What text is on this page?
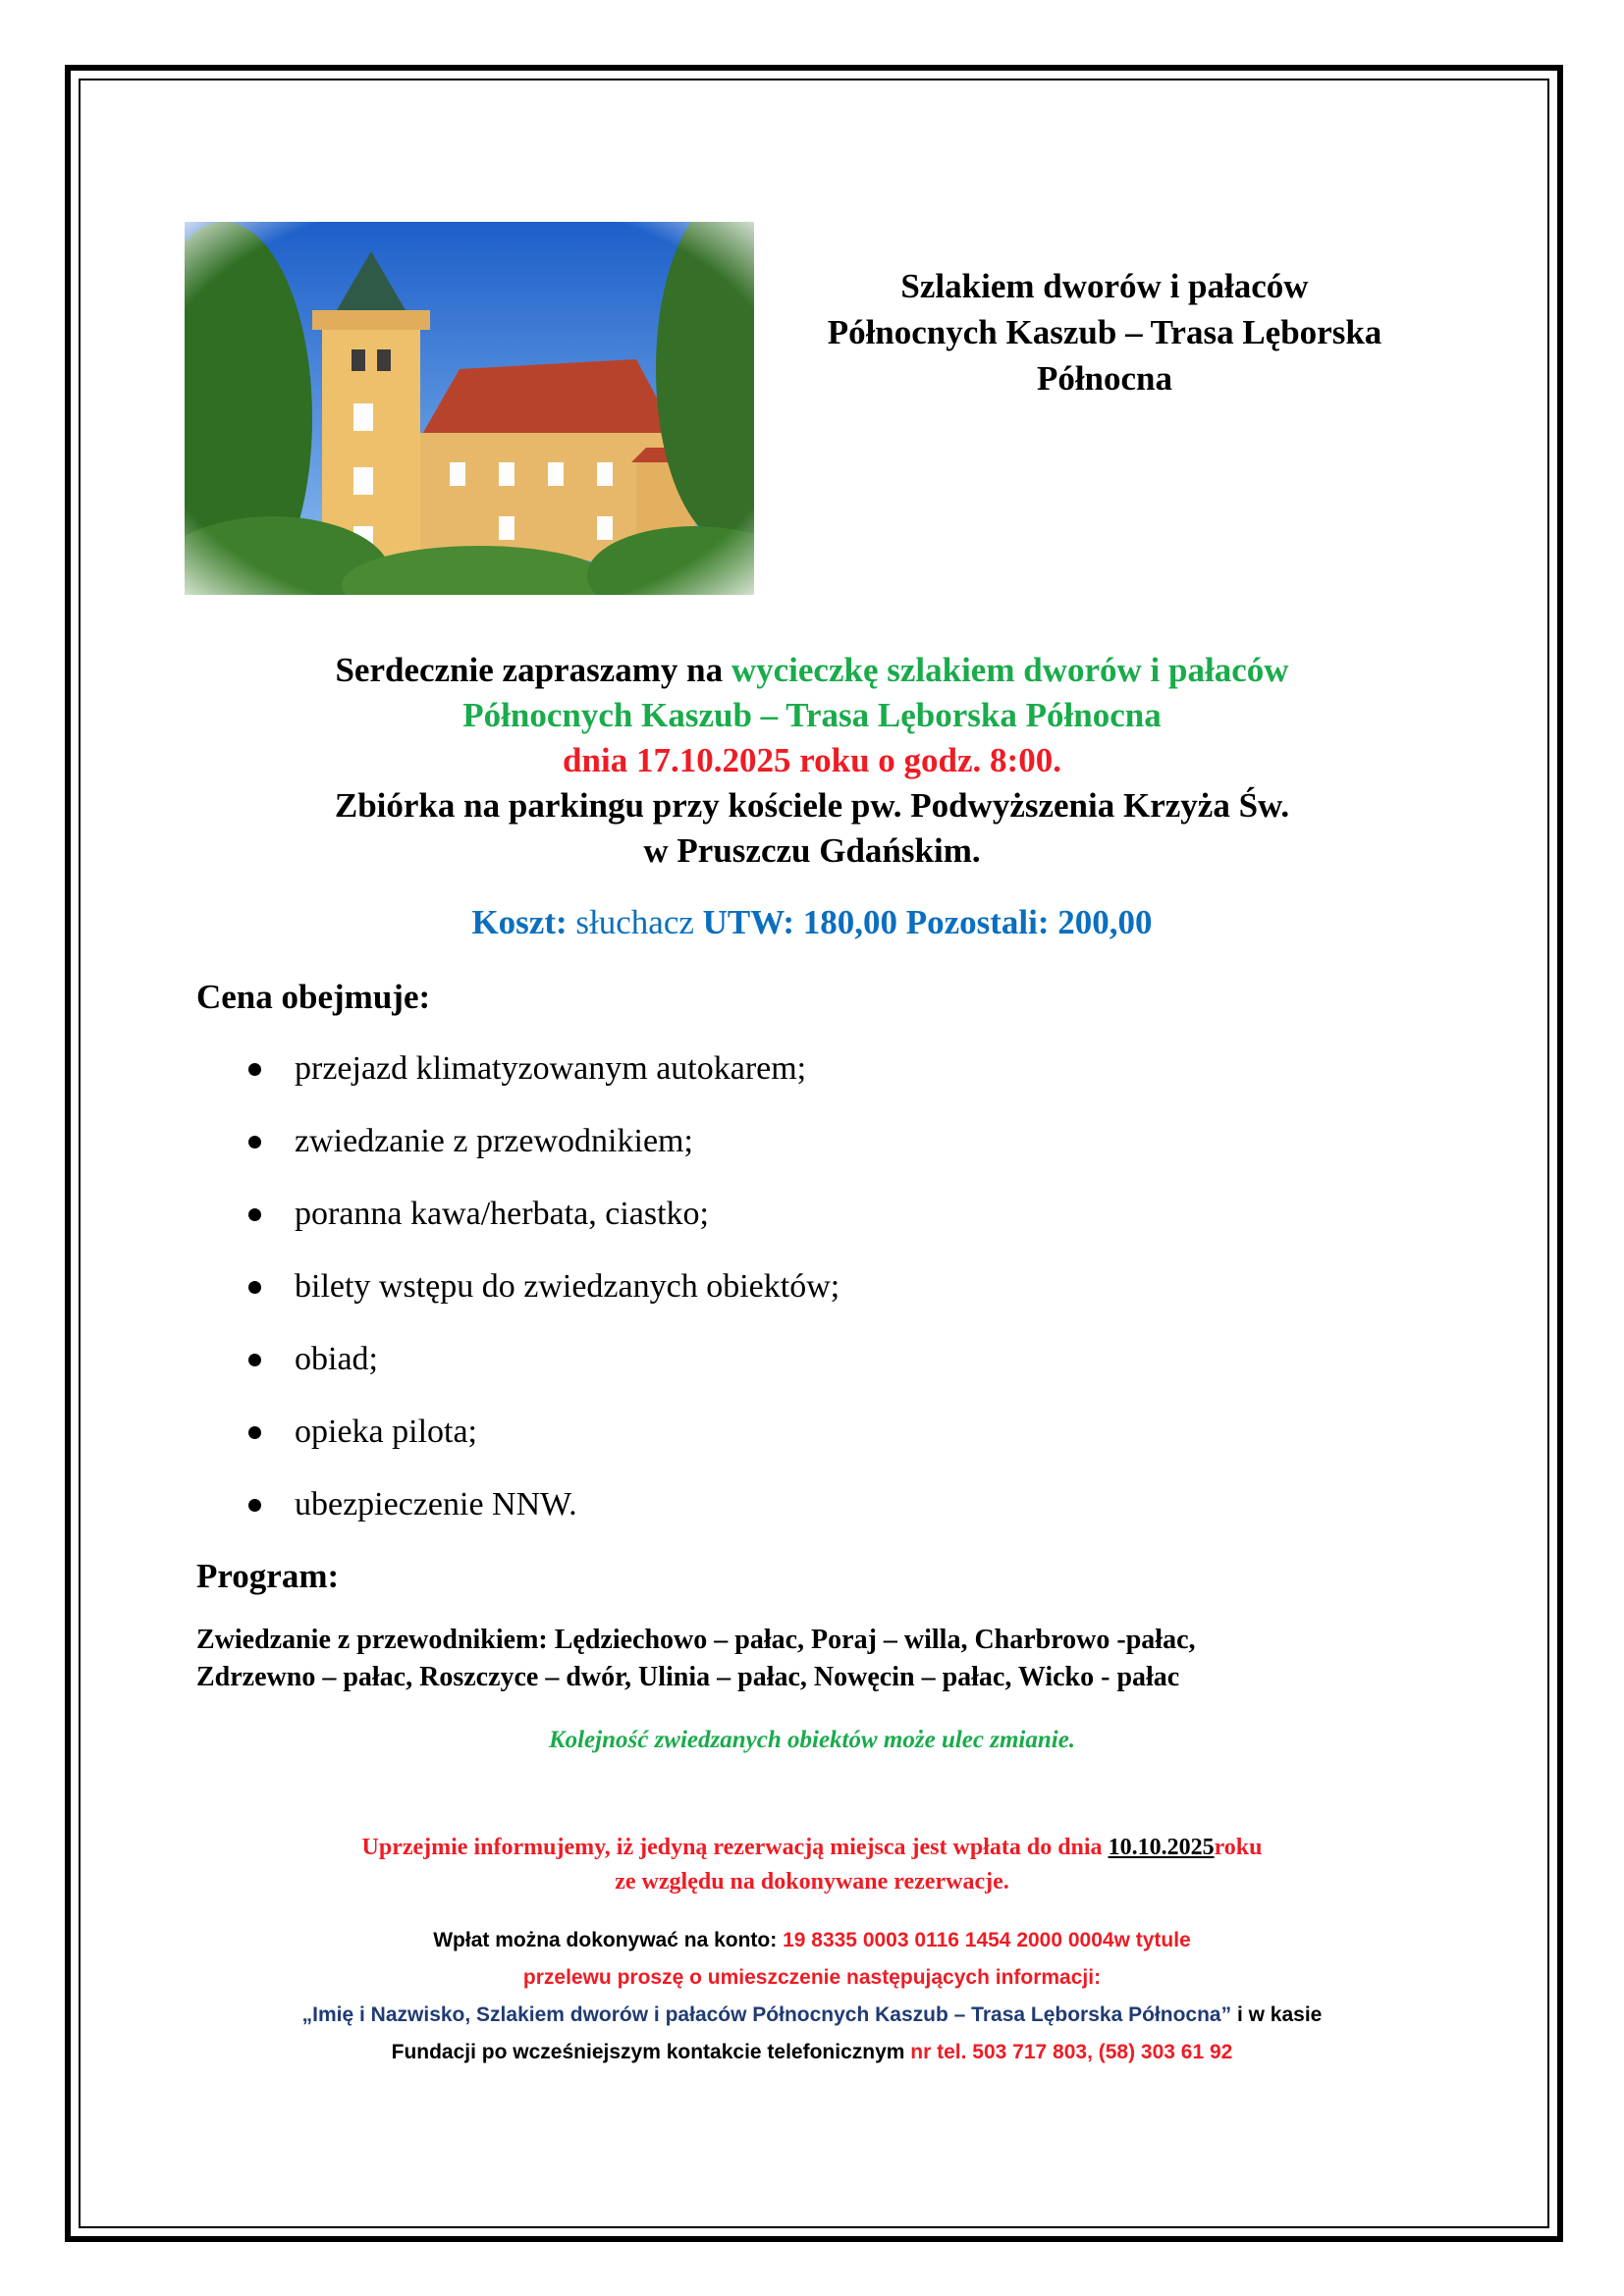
Szlakiem dworów i pałaców
Północnych Kaszub – Trasa Lęborska
Północna
Serdecznie zapraszamy na wycieczkę szlakiem dworów i pałaców
Północnych Kaszub – Trasa Lęborska Północna
dnia 17.10.2025 roku o godz. 8:00.
Zbiórka na parkingu przy kościele pw. Podwyższenia Krzyża Św.
w Pruszczu Gdańskim.
Koszt: słuchacz UTW: 180,00 Pozostali: 200,00
Cena obejmuje:
przejazd klimatyzowanym autokarem;
zwiedzanie z przewodnikiem;
poranna kawa/herbata, ciastko;
bilety wstępu do zwiedzanych obiektów;
obiad;
opieka pilota;
ubezpieczenie NNW.
Program:
Zwiedzanie z przewodnikiem: Lędziechowo – pałac, Poraj – willa, Charbrowo -pałac,
Zdrzewno – pałac, Roszczyce – dwór, Ulinia – pałac, Nowęcin – pałac, Wicko - pałac
Kolejność zwiedzanych obiektów może ulec zmianie.
Uprzejmie informujemy, iż jedyną rezerwacją miejsca jest wpłata do dnia 10.10.2025roku
ze względu na dokonywane rezerwacje.
Wpłat można dokonywać na konto: 19 8335 0003 0116 1454 2000 0004w tytule
przelewu proszę o umieszczenie następujących informacji:
„Imię i Nazwisko, Szlakiem dworów i pałaców Północnych Kaszub – Trasa Lęborska Północna” i w kasie
Fundacji po wcześniejszym kontakcie telefonicznym nr tel. 503 717 803, (58) 303 61 92
